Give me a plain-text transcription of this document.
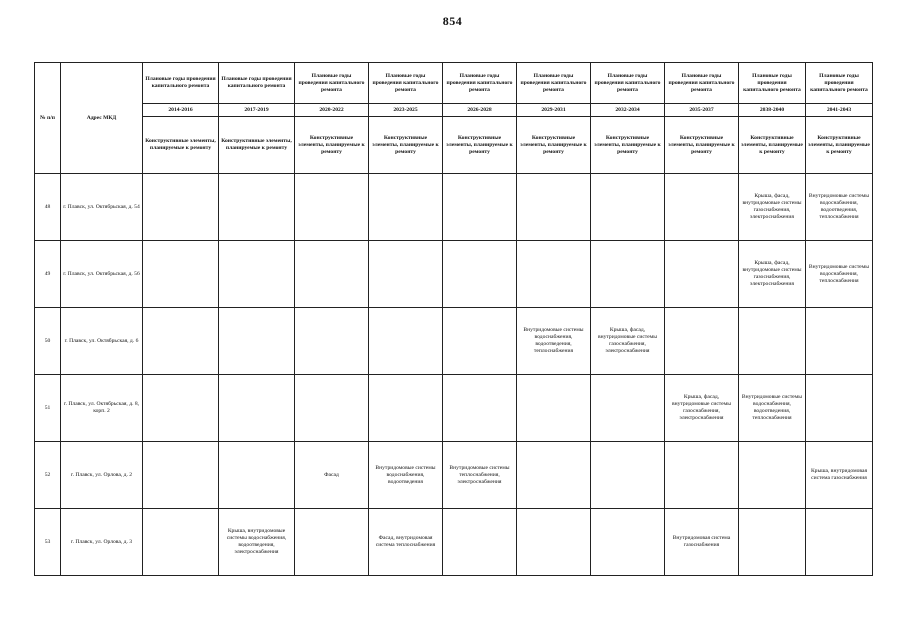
854
№ п/п	Адрес МКД	Плановые годы проведения капитального ремонта	Плановые годы проведения капитального ремонта	Плановые годы проведения капитального ремонта	Плановые годы проведения капитального ремонта	Плановые годы проведения капитального ремонта	Плановые годы проведения капитального ремонта	Плановые годы проведения капитального ремонта	Плановые годы проведения капитального ремонта	Плановые годы проведения капитального ремонта	Плановые годы проведения капитального ремонта
		2014-2016	2017-2019	2020-2022	2023-2025	2026-2028	2029-2031	2032-2034	2035-2037	2038-2040	2041-2043
		Конструктивные элементы, планируемые к ремонту	Конструктивные элементы, планируемые к ремонту	Конструктивные элементы, планируемые к ремонту	Конструктивные элементы, планируемые к ремонту	Конструктивные элементы, планируемые к ремонту	Конструктивные элементы, планируемые к ремонту	Конструктивные элементы, планируемые к ремонту	Конструктивные элементы, планируемые к ремонту	Конструктивные элементы, планируемые к ремонту	Конструктивные элементы, планируемые к ремонту
48	г. Плавск, ул. Октябрьская, д. 54									Крыша, фасад, внутридомовые системы газоснабжения, электроснабжения	Внутридомовые системы водоснабжения, водоотведения, теплоснабжения

49	г. Плавск, ул. Октябрьская, д. 56									Крыша, фасад, внутридомовые системы газоснабжения, электроснабжения	Внутридомовые системы водоснабжения, теплоснабжения

50	г. Плавск, ул. Октябрьская, д. 6						Внутридомовые системы водоснабжения, водоотведения, теплоснабжения	Крыша, фасад, внутридомовые системы газоснабжения, электроснабжения			

51	г. Плавск, ул. Октябрьская, д. 8, корп. 2								Крыша, фасад, внутридомовые системы газоснабжения, электроснабжения	Внутридомовые системы водоснабжения, водоотведения, теплоснабжения	

52	г. Плавск, ул. Орлова, д. 2			Фасад	Внутридомовые системы водоснабжения, водоотведения	Внутридомовые системы теплоснабжения, электроснабжения					Крыша, внутридомовая система газоснабжения

53	г. Плавск, ул. Орлова, д. 3		Крыша, внутридомовые системы водоснабжения, водоотведения, электроснабжения		Фасад, внутридомовая система теплоснабжения				Внутридомовая система газоснабжения		
